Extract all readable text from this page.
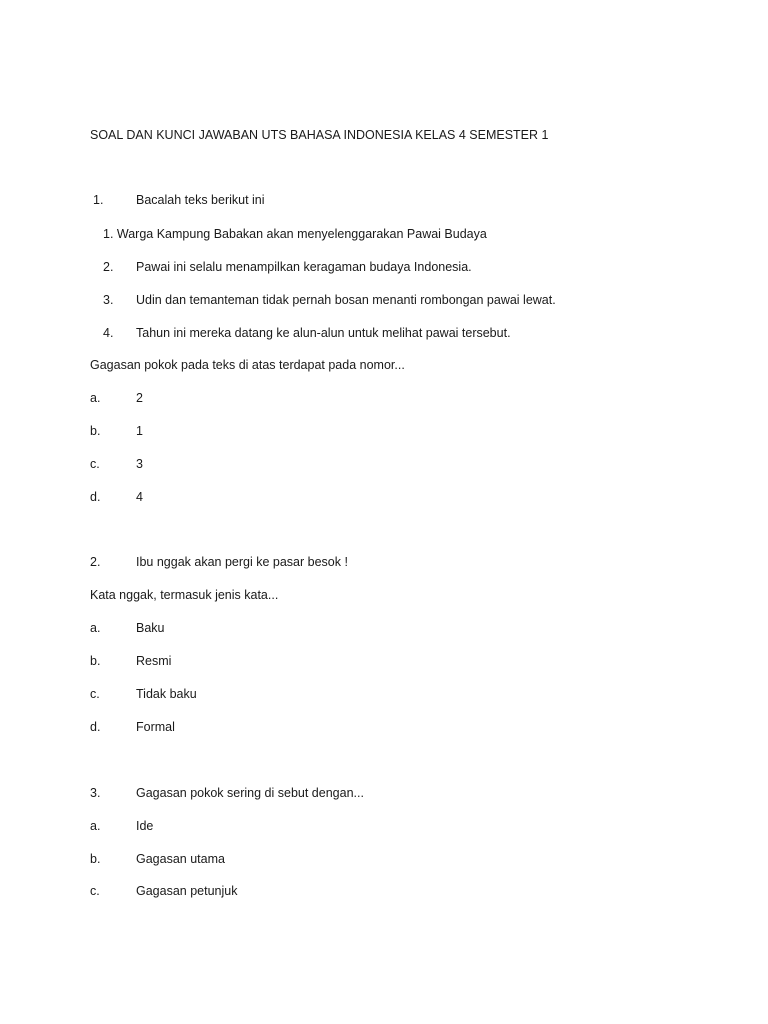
SOAL DAN KUNCI JAWABAN UTS BAHASA INDONESIA KELAS 4 SEMESTER 1
1.	Bacalah teks berikut ini
1. Warga Kampung Babakan akan menyelenggarakan Pawai Budaya
2. Pawai ini selalu menampilkan keragaman budaya Indonesia.
3. Udin dan temanteman tidak pernah bosan menanti rombongan pawai lewat.
4. Tahun ini mereka datang ke alun-alun untuk melihat pawai tersebut.
Gagasan pokok pada teks di atas terdapat pada nomor...
a.	2
b.	1
c.	3
d.	4
2.	Ibu nggak akan pergi ke pasar besok !
Kata nggak, termasuk jenis kata...
a.	Baku
b.	Resmi
c.	Tidak baku
d.	Formal
3.	Gagasan pokok sering di sebut dengan...
a.	Ide
b.	Gagasan utama
c.	Gagasan petunjuk
